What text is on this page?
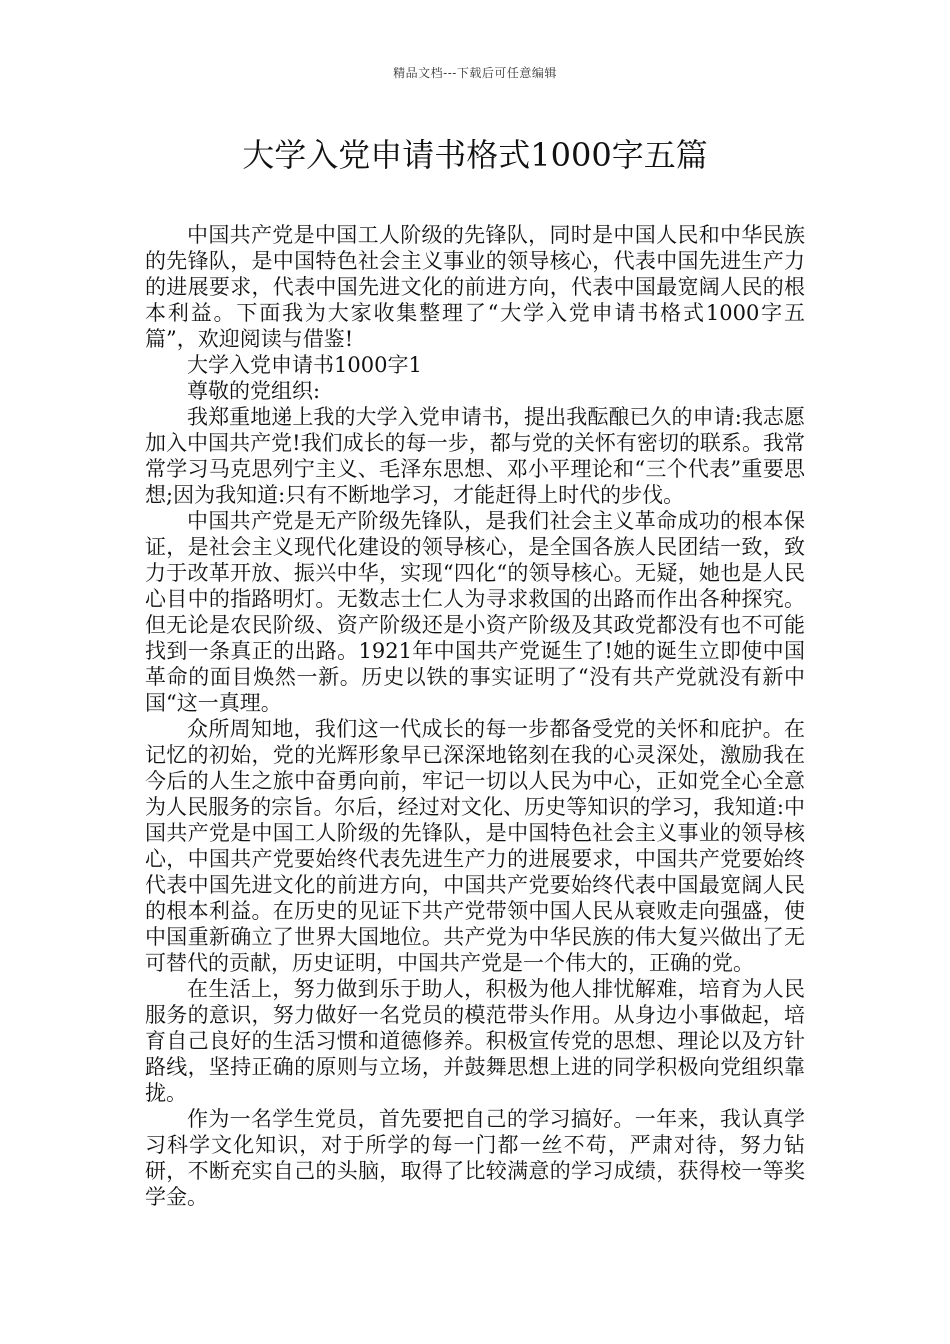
精品文档---下载后可任意编辑
大学入党申请书格式1000字五篇

中国共产党是中国工人阶级的先锋队，同时是中国人民和中华民族的先锋队，是中国特色社会主义事业的领导核心，代表中国先进生产力的进展要求，代表中国先进文化的前进方向，代表中国最宽阔人民的根本利益。下面我为大家收集整理了“大学入党申请书格式1000字五篇”，欢迎阅读与借鉴!

大学入党申请书1000字1

尊敬的党组织:

我郑重地递上我的大学入党申请书，提出我酝酿已久的申请:我志愿加入中国共产党!我们成长的每一步，都与党的关怀有密切的联系。我常常学习马克思列宁主义、毛泽东思想、邓小平理论和“三个代表”重要思想;因为我知道:只有不断地学习，才能赶得上时代的步伐。

中国共产党是无产阶级先锋队，是我们社会主义革命成功的根本保证，是社会主义现代化建设的领导核心，是全国各族人民团结一致，致力于改革开放、振兴中华，实现“四化“的领导核心。无疑，她也是人民心目中的指路明灯。无数志士仁人为寻求救国的出路而作出各种探究。但无论是农民阶级、资产阶级还是小资产阶级及其政党都没有也不可能找到一条真正的出路。1921年中国共产党诞生了!她的诞生立即使中国革命的面目焕然一新。历史以铁的事实证明了“没有共产党就没有新中国“这一真理。

众所周知地，我们这一代成长的每一步都备受党的关怀和庇护。在记忆的初始，党的光辉形象早已深深地铭刻在我的心灵深处，激励我在今后的人生之旅中奋勇向前，牢记一切以人民为中心，正如党全心全意为人民服务的宗旨。尔后，经过对文化、历史等知识的学习，我知道:中国共产党是中国工人阶级的先锋队，是中国特色社会主义事业的领导核心，中国共产党要始终代表先进生产力的进展要求，中国共产党要始终代表中国先进文化的前进方向，中国共产党要始终代表中国最宽阔人民的根本利益。在历史的见证下共产党带领中国人民从衰败走向强盛，使中国重新确立了世界大国地位。共产党为中华民族的伟大复兴做出了无可替代的贡献，历史证明，中国共产党是一个伟大的，正确的党。

在生活上，努力做到乐于助人，积极为他人排忧解难，培育为人民服务的意识，努力做好一名党员的模范带头作用。从身边小事做起，培育自己良好的生活习惯和道德修养。积极宣传党的思想、理论以及方针路线，坚持正确的原则与立场，并鼓舞思想上进的同学积极向党组织靠拢。

作为一名学生党员，首先要把自己的学习搞好。一年来，我认真学习科学文化知识，对于所学的每一门都一丝不苟，严肃对待，努力钻研，不断充实自己的头脑，取得了比较满意的学习成绩，获得校一等奖学金。
